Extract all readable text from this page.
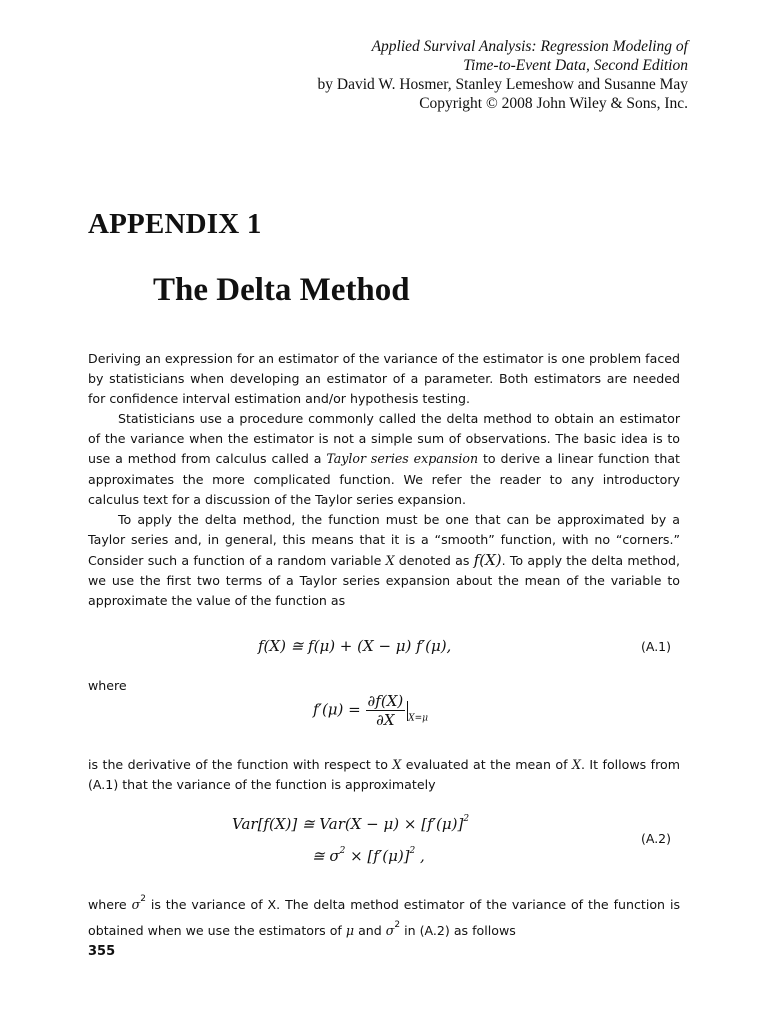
Applied Survival Analysis: Regression Modeling of
Time-to-Event Data, Second Edition
by David W. Hosmer, Stanley Lemeshow and Susanne May
Copyright © 2008 John Wiley & Sons, Inc.
APPENDIX 1
The Delta Method

Deriving an expression for an estimator of the variance of the estimator is one problem faced by statisticians when developing an estimator of a parameter. Both estimators are needed for confidence interval estimation and/or hypothesis testing.

Statisticians use a procedure commonly called the delta method to obtain an estimator of the variance when the estimator is not a simple sum of observations. The basic idea is to use a method from calculus called a Taylor series expansion to derive a linear function that approximates the more complicated function. We refer the reader to any introductory calculus text for a discussion of the Taylor series expansion.

To apply the delta method, the function must be one that can be approximated by a Taylor series and, in general, this means that it is a “smooth” function, with no “corners.” Consider such a function of a random variable X denoted as f(X). To apply the delta method, we use the first two terms of a Taylor series expansion about the mean of the variable to approximate the value of the function as

f(X) ≅ f(μ) + (X − μ) f′(μ),	(A.1)
where
$f'(\mu) = \frac{\partial f(X)}{\partial X} _{X=\mu}$

is the derivative of the function with respect to X evaluated at the mean of X. It follows from (A.1) that the variance of the function is approximately

Var[f(X)] ≅ $Var(X - \mu) \times [f'(\mu)]^2$
≅ $\sigma^2 \times [f'(\mu)]^2$ ,
(A.2)

where $\sigma^2$ is the variance of X. The delta method estimator of the variance of the function is obtained when we use the estimators of μ and $\sigma^2$ in (A.2) as follows

355
